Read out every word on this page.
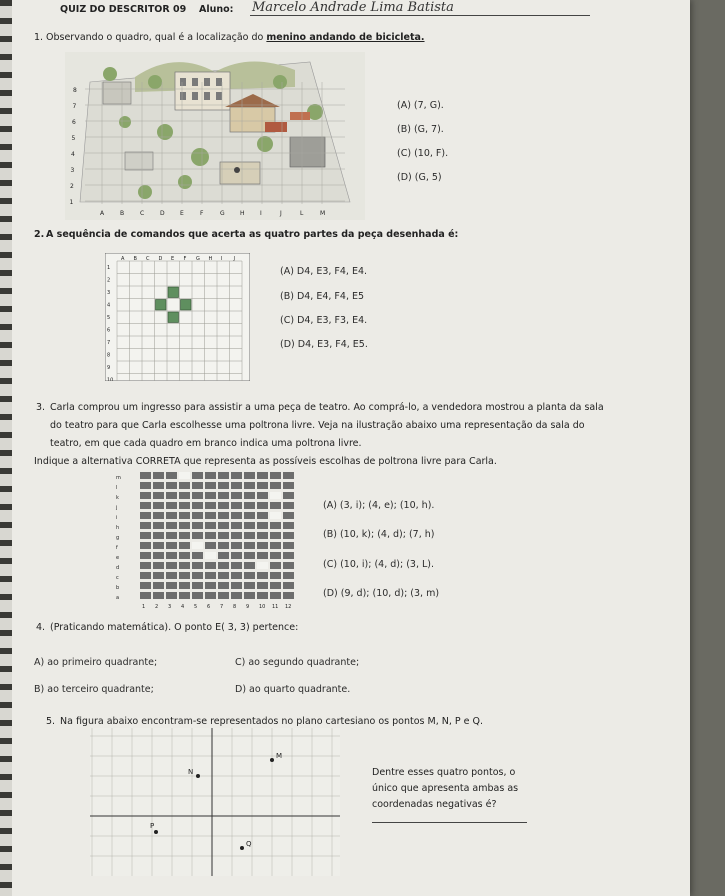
QUIZ DO DESCRITOR 09 Aluno: Marcelo Andrade Lima Batista
1. Observando o quadro, qual é a localização do menino andando de bicicleta.
8
7
6
5
4
3
2
1
A	B	C	D	E	F	G	H	I	J	L	M
(A) (7, G).
(B) (G, 7).
(C) (10, F).
(D) (G, 5)
2. A sequência de comandos que acerta as quatro partes da peça desenhada é:
A B C D E F G H I J
1
2
3
4
5
6
7
8
9
10
(A) D4, E3, F4, E4.
(B) D4, E4, F4, E5
(C) D4, E3, F3, E4.
(D) D4, E3, F4, E5.
3. Carla comprou um ingresso para assistir a uma peça de teatro. Ao comprá-lo, a vendedora mostrou a planta da sala
do teatro para que Carla escolhesse uma poltrona livre. Veja na ilustração abaixo uma representação da sala do
teatro, em que cada quadro em branco indica uma poltrona livre.
Indique a alternativa CORRETA que representa as possíveis escolhas de poltrona livre para Carla.
m
l
k
j
i
h
g
f
e
d
c
b
a
1 2 3 4 5 6 7 8 9 10 11 12
(A) (3, i); (4, e); (10, h).
(B) (10, k); (4, d); (7, h)
(C) (10, i); (4, d); (3, L).
(D) (9, d); (10, d); (3, m)
4. (Praticando matemática). O ponto E( 3, 3) pertence:
A) ao primeiro quadrante;	C) ao segundo quadrante;
B) ao terceiro quadrante;	D) ao quarto quadrante.
5. Na figura abaixo encontram-se representados no plano cartesiano os pontos M, N, P e Q.
M
N
P
Q
Dentre esses quatro pontos, o
único que apresenta ambas as
coordenadas negativas é?
